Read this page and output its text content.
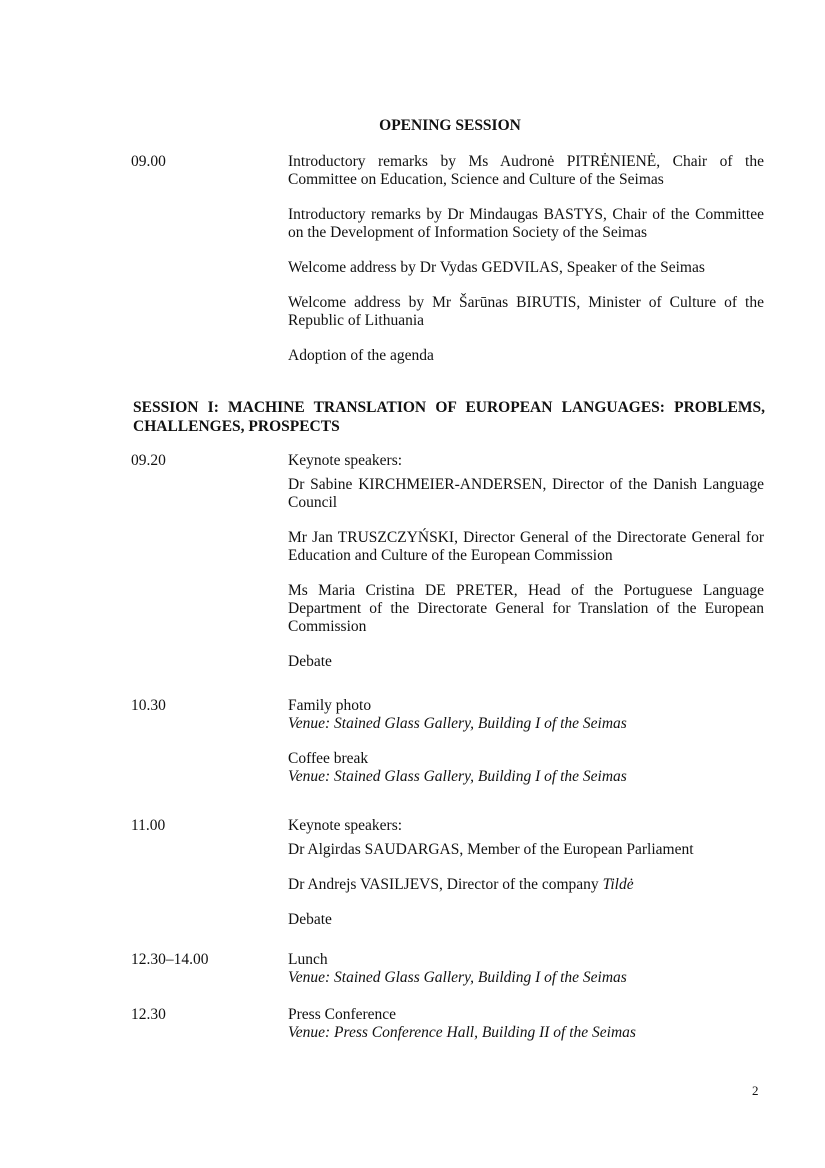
OPENING SESSION
09.00	Introductory remarks by Ms Audronė PITRĖNIENĖ, Chair of the Committee on Education, Science and Culture of the Seimas
Introductory remarks by Dr Mindaugas BASTYS, Chair of the Committee on the Development of Information Society of the Seimas
Welcome address by Dr Vydas GEDVILAS, Speaker of the Seimas
Welcome address by Mr Šarūnas BIRUTIS, Minister of Culture of the Republic of Lithuania
Adoption of the agenda
SESSION I: MACHINE TRANSLATION OF EUROPEAN LANGUAGES: PROBLEMS, CHALLENGES, PROSPECTS
09.20	Keynote speakers:
Dr Sabine KIRCHMEIER-ANDERSEN, Director of the Danish Language Council
Mr Jan TRUSZCZYŃSKI, Director General of the Directorate General for Education and Culture of the European Commission
Ms Maria Cristina DE PRETER, Head of the Portuguese Language Department of the Directorate General for Translation of the European Commission
Debate
10.30	Family photo
Venue: Stained Glass Gallery, Building I of the Seimas
Coffee break
Venue: Stained Glass Gallery, Building I of the Seimas
11.00	Keynote speakers:
Dr Algirdas SAUDARGAS, Member of the European Parliament
Dr Andrejs VASILJEVS, Director of the company Tildė
Debate
12.30–14.00	Lunch
Venue: Stained Glass Gallery, Building I of the Seimas
12.30	Press Conference
Venue: Press Conference Hall, Building II of the Seimas
2
